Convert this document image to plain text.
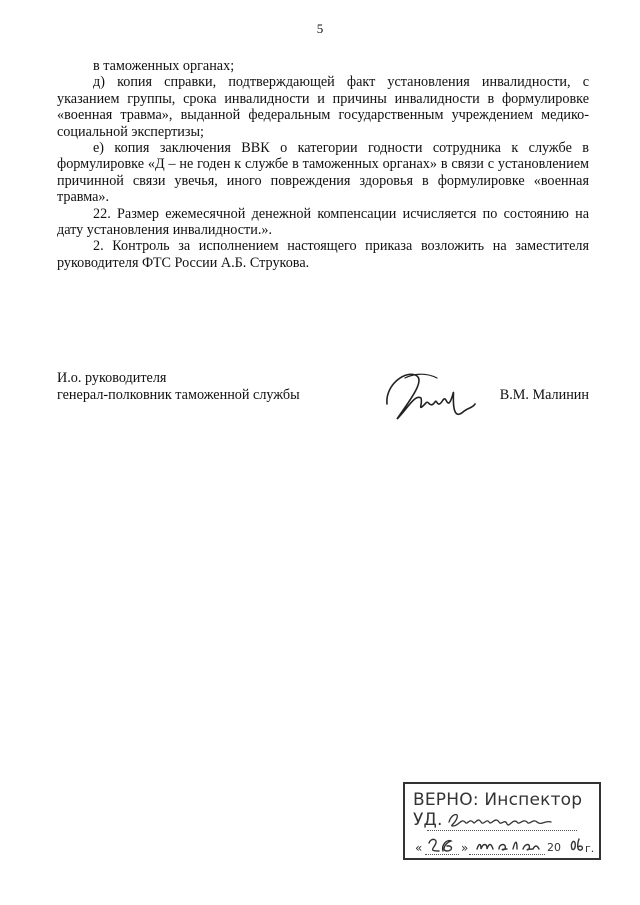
5

в таможенных органах;

д) копия справки, подтверждающей факт установления инвалидности, с указанием группы, срока инвалидности и причины инвалидности в формулировке «военная травма», выданной федеральным государственным учреждением медико-социальной экспертизы;

е) копия заключения ВВК о категории годности сотрудника к службе в формулировке «Д – не годен к службе в таможенных органах» в связи с установлением причинной связи увечья, иного повреждения здоровья в формулировке «военная травма».

22. Размер ежемесячной денежной компенсации исчисляется по состоянию на дату установления инвалидности.».

2. Контроль за исполнением настоящего приказа возложить на заместителя руководителя ФТС России А.Б. Струкова.

И.о. руководителя
генерал-полковник таможенной службы	В.М. Малинин
ВЕРНО: Инспектор УД.
«	»	20 г.
